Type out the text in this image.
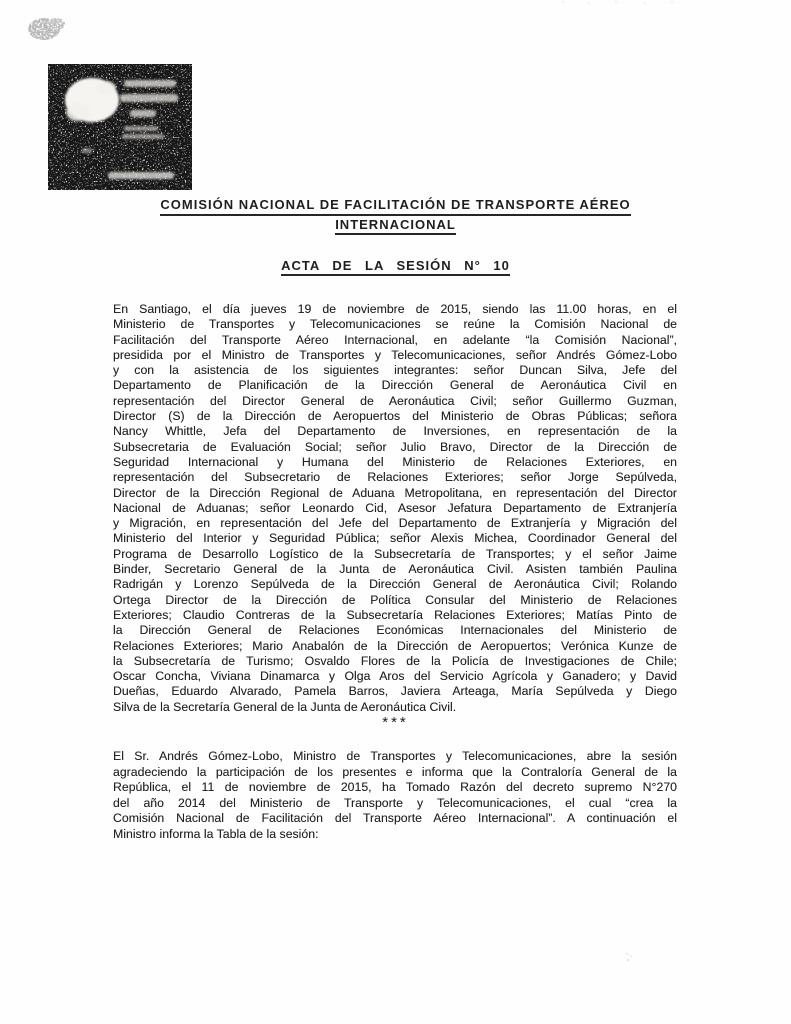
COMISIÓN NACIONAL DE FACILITACIÓN DE TRANSPORTE AÉREO
INTERNACIONAL
ACTA DE LA SESIÓN N° 10
En Santiago, el día jueves 19 de noviembre de 2015, siendo las 11.00 horas, en el
Ministerio de Transportes y Telecomunicaciones se reúne la Comisión Nacional de
Facilitación del Transporte Aéreo Internacional, en adelante “la Comisión Nacional”,
presidida por el Ministro de Transportes y Telecomunicaciones, señor Andrés Gómez-Lobo
y con la asistencia de los siguientes integrantes: señor Duncan Silva, Jefe del
Departamento de Planificación de la Dirección General de Aeronáutica Civil en
representación del Director General de Aeronáutica Civil; señor Guillermo Guzman,
Director (S) de la Dirección de Aeropuertos del Ministerio de Obras Públicas; señora
Nancy Whittle, Jefa del Departamento de Inversiones, en representación de la
Subsecretaria de Evaluación Social; señor Julio Bravo, Director de la Dirección de
Seguridad Internacional y Humana del Ministerio de Relaciones Exteriores, en
representación del Subsecretario de Relaciones Exteriores; señor Jorge Sepúlveda,
Director de la Dirección Regional de Aduana Metropolitana, en representación del Director
Nacional de Aduanas; señor Leonardo Cid, Asesor Jefatura Departamento de Extranjería
y Migración, en representación del Jefe del Departamento de Extranjería y Migración del
Ministerio del Interior y Seguridad Pública; señor Alexis Michea, Coordinador General del
Programa de Desarrollo Logístico de la Subsecretaría de Transportes; y el señor Jaime
Binder, Secretario General de la Junta de Aeronáutica Civil. Asisten también Paulina
Radrigán y Lorenzo Sepúlveda de la Dirección General de Aeronáutica Civil; Rolando
Ortega Director de la Dirección de Política Consular del Ministerio de Relaciones
Exteriores; Claudio Contreras de la Subsecretaría Relaciones Exteriores; Matías Pinto de
la Dirección General de Relaciones Económicas Internacionales del Ministerio de
Relaciones Exteriores; Mario Anabalón de la Dirección de Aeropuertos; Verónica Kunze de
la Subsecretaría de Turismo; Osvaldo Flores de la Policía de Investigaciones de Chile;
Oscar Concha, Viviana Dinamarca y Olga Aros del Servicio Agrícola y Ganadero; y David
Dueñas, Eduardo Alvarado, Pamela Barros, Javiera Arteaga, María Sepúlveda y Diego
Silva de la Secretaría General de la Junta de Aeronáutica Civil.
***
El Sr. Andrés Gómez-Lobo, Ministro de Transportes y Telecomunicaciones, abre la sesión
agradeciendo la participación de los presentes e informa que la Contraloría General de la
República, el 11 de noviembre de 2015, ha Tomado Razón del decreto supremo N°270
del año 2014 del Ministerio de Transporte y Telecomunicaciones, el cual “crea la
Comisión Nacional de Facilitación del Transporte Aéreo Internacional”. A continuación el
Ministro informa la Tabla de la sesión:
